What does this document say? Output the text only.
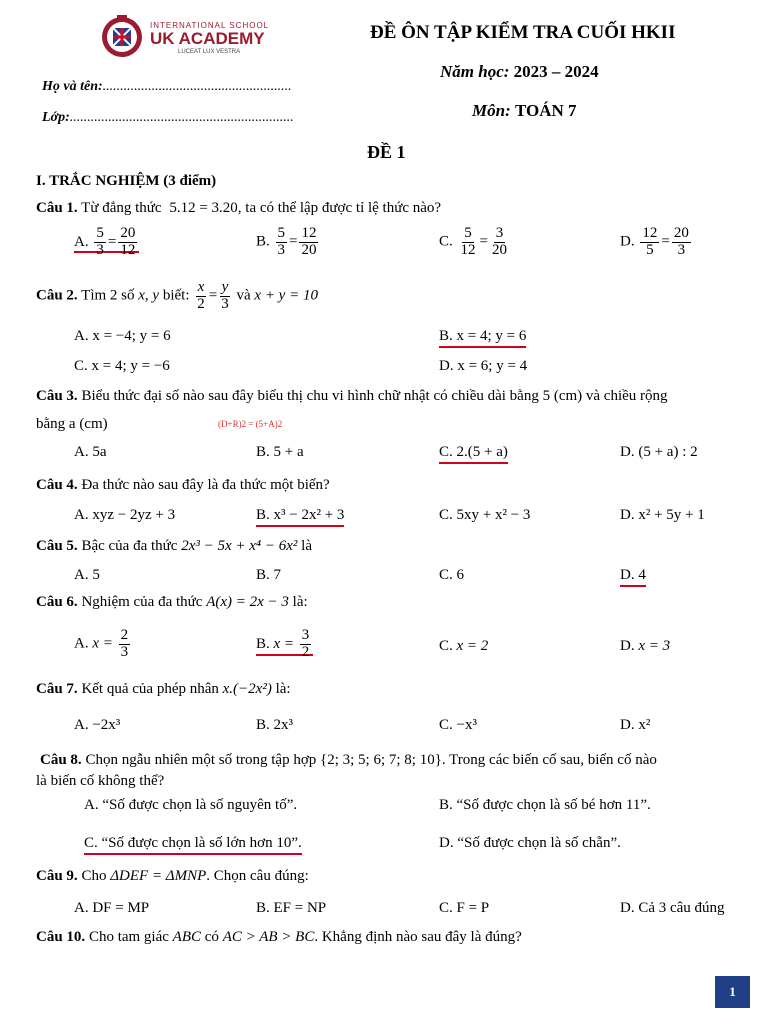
INTERNATIONAL SCHOOL
UK ACADEMY
LUCEAT LUX VESTRA
ĐỀ ÔN TẬP KIỂM TRA CUỐI HKII
Năm học: 2023 – 2024
Môn: TOÁN 7
Họ và tên:......................................................
Lớp:................................................................
ĐỀ 1
I. TRẮC NGHIỆM (3 điểm)
Câu 1. Từ đẳng thức 5.12 = 3.20, ta có thể lập được tỉ lệ thức nào?
A. $\frac{5}{3} = \frac{20}{12}$	B. $\frac{5}{3} = \frac{12}{20}$	C. $\frac{5}{12} = \frac{3}{20}$	D. $\frac{12}{5} = \frac{20}{3}$
Câu 2. Tìm 2 số x, y biết: $\frac{x}{2} = \frac{y}{3}$ và x + y = 10
A. x = −4; y = 6	B. x = 4; y = 6
C. x = 4; y = −6	D. x = 6; y = 4
Câu 3. Biểu thức đại số nào sau đây biểu thị chu vi hình chữ nhật có chiều dài bằng 5 (cm) và chiều rộng
bằng a (cm)	(D+R)2 = (5+A)2
A. 5a	B. 5 + a	C. 2.(5 + a)	D. (5 + a) : 2
Câu 4. Đa thức nào sau đây là đa thức một biến?
A. xyz − 2yz + 3	B. x³ − 2x² + 3	C. 5xy + x² − 3	D. x² + 5y + 1
Câu 5. Bậc của đa thức 2x³ − 5x + x⁴ − 6x² là
A. 5	B. 7	C. 6	D. 4
Câu 6. Nghiệm của đa thức A(x) = 2x − 3 là:
A. $x = \frac{2}{3}$	B. $x = \frac{3}{2}$	C. x = 2	D. x = 3
Câu 7. Kết quả của phép nhân x.(−2x²) là:
A. −2x³	B. 2x³	C. −x³	D. x²
Câu 8. Chọn ngẫu nhiên một số trong tập hợp {2; 3; 5; 6; 7; 8; 10}. Trong các biến cố sau, biến cố nào
là biến cố không thể?
A. “Số được chọn là số nguyên tố”.	B. “Số được chọn là số bé hơn 11”.
C. “Số được chọn là số lớn hơn 10”.	D. “Số được chọn là số chẵn”.
Câu 9. Cho ΔDEF = ΔMNP. Chọn câu đúng:
A. DF = MP	B. EF = NP	C. F = P	D. Cả 3 câu đúng
Câu 10. Cho tam giác ABC có AC > AB > BC. Khẳng định nào sau đây là đúng?
1
